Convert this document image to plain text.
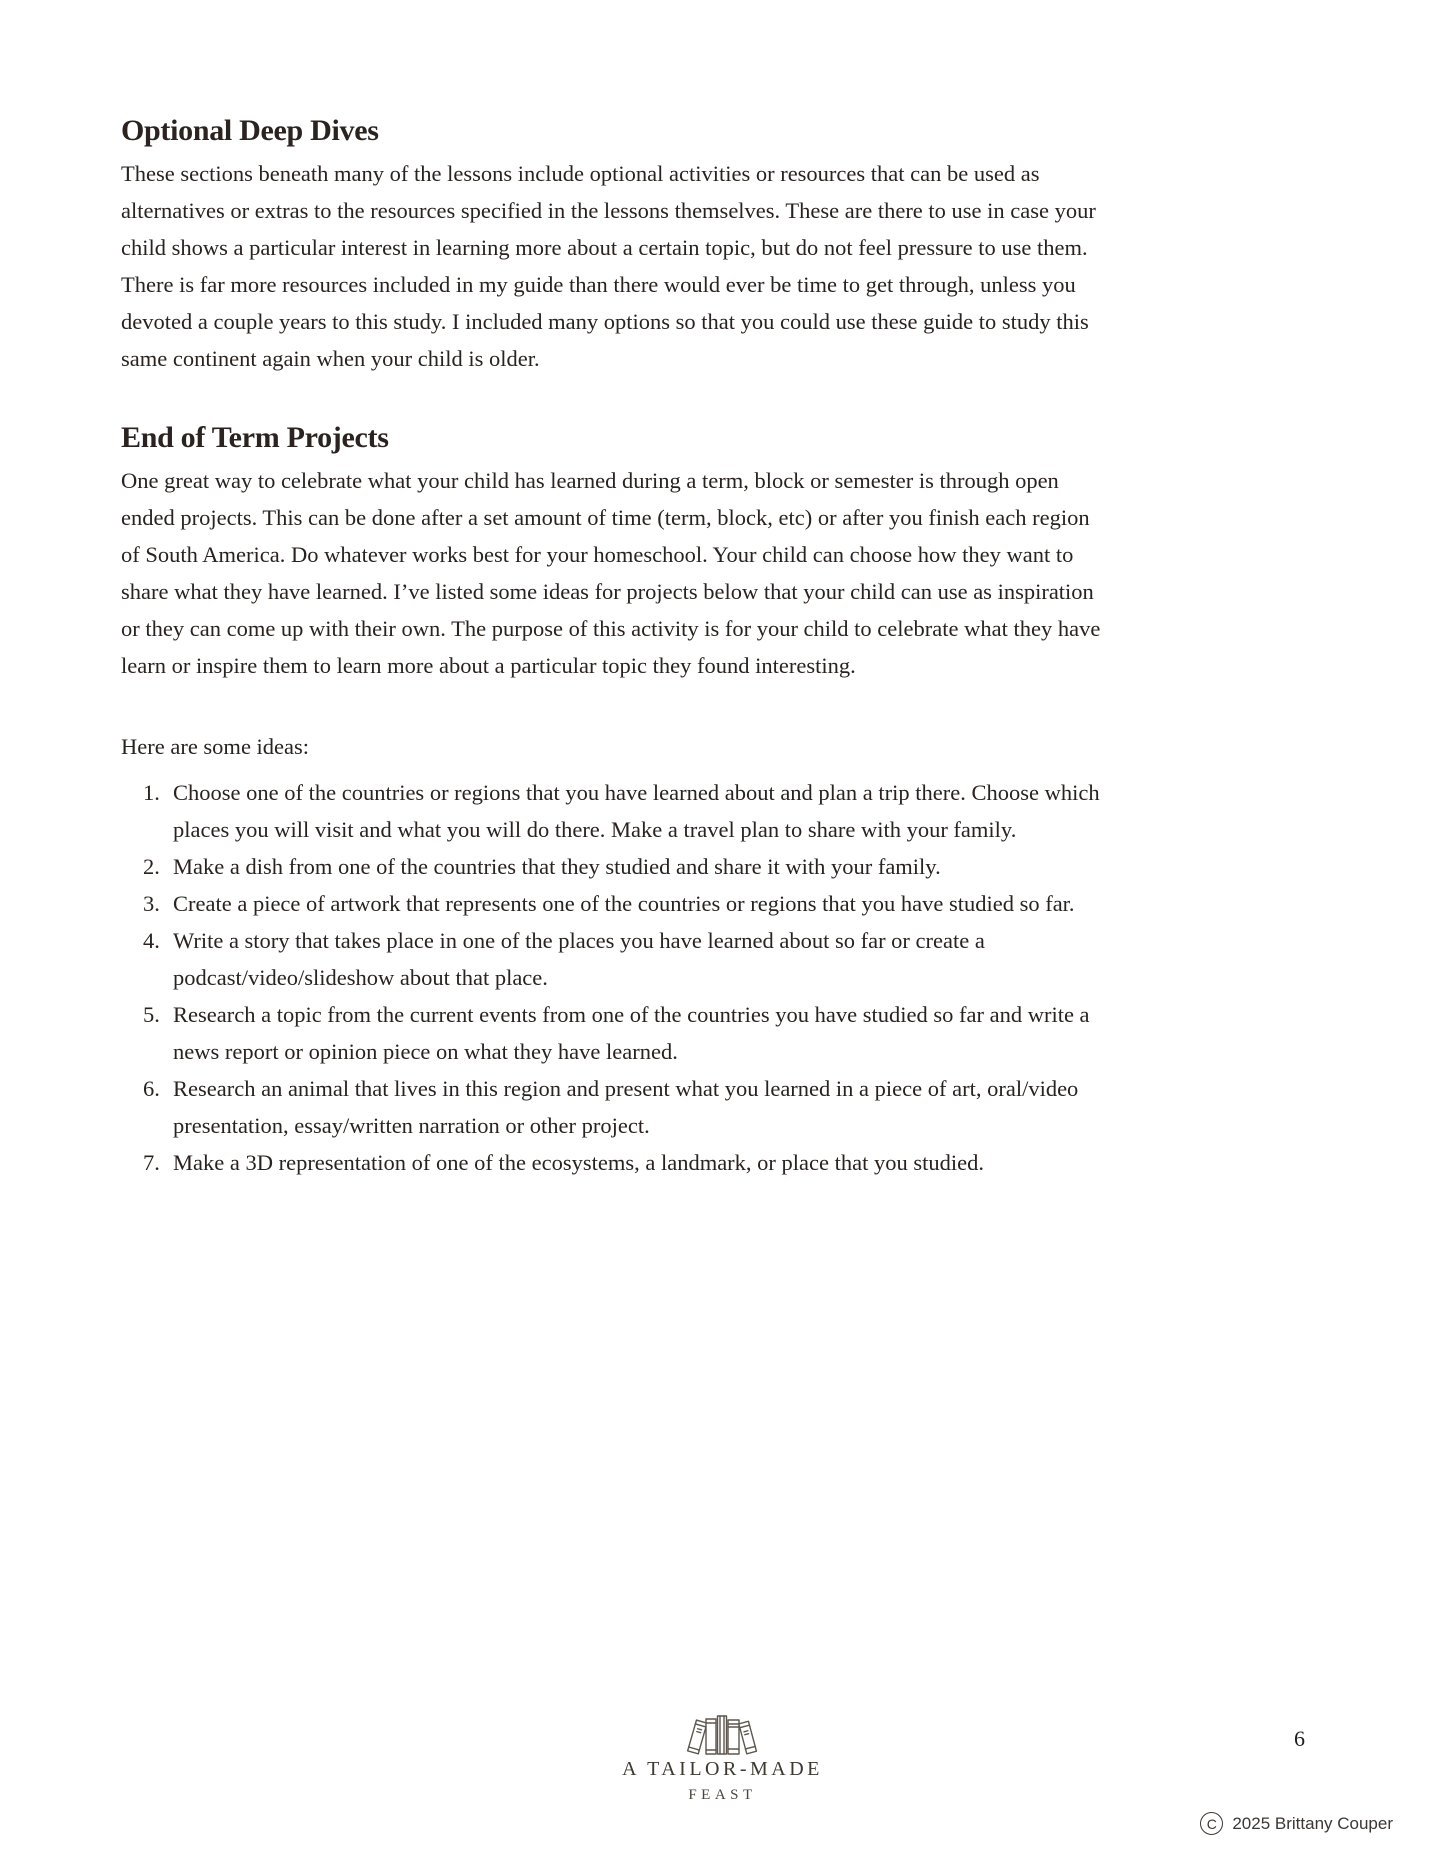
Optional Deep Dives

These sections beneath many of the lessons include optional activities or resources that can be used as alternatives or extras to the resources specified in the lessons themselves. These are there to use in case your child shows a particular interest in learning more about a certain topic, but do not feel pressure to use them. There is far more resources included in my guide than there would ever be time to get through, unless you devoted a couple years to this study. I included many options so that you could use these guide to study this same continent again when your child is older.

End of Term Projects

One great way to celebrate what your child has learned during a term, block or semester is through open ended projects. This can be done after a set amount of time (term, block, etc) or after you finish each region of South America. Do whatever works best for your homeschool. Your child can choose how they want to share what they have learned. I’ve listed some ideas for projects below that your child can use as inspiration or they can come up with their own. The purpose of this activity is for your child to celebrate what they have learn or inspire them to learn more about a particular topic they found interesting.

Here are some ideas:

Choose one of the countries or regions that you have learned about and plan a trip there. Choose which places you will visit and what you will do there. Make a travel plan to share with your family.
Make a dish from one of the countries that they studied and share it with your family.
Create a piece of artwork that represents one of the countries or regions that you have studied so far.
Write a story that takes place in one of the places you have learned about so far or create a podcast/video/slideshow about that place.
Research a topic from the current events from one of the countries you have studied so far and write a news report or opinion piece on what they have learned.
Research an animal that lives in this region and present what you learned in a piece of art, oral/video presentation, essay/written narration or other project.
Make a 3D representation of one of the ecosystems, a landmark, or place that you studied.
A TAILOR-MADE
FEAST
6
C 2025 Brittany Couper
